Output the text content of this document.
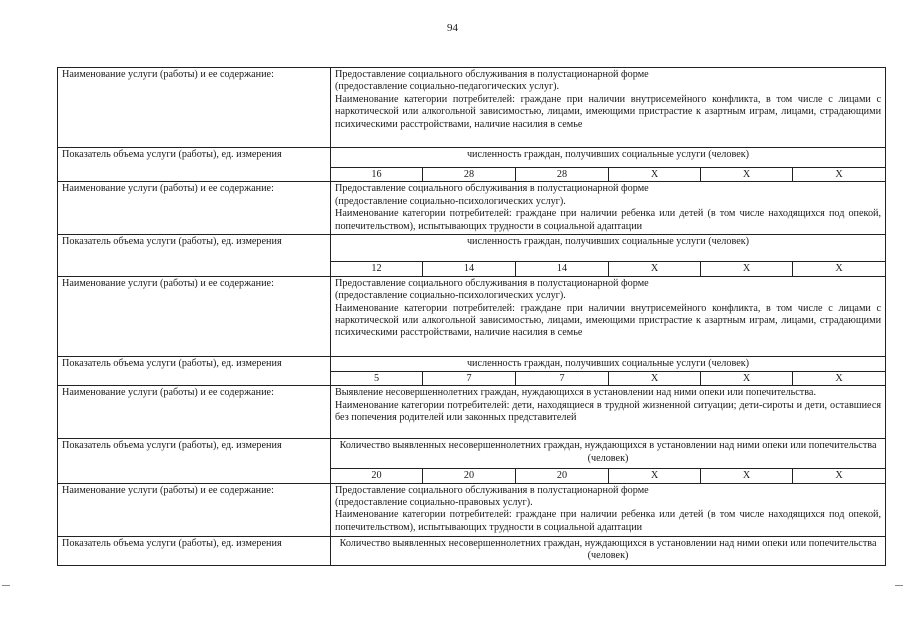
94
Наименование услуги (работы) и ее содержание:	Предоставление социального обслуживания в полустационарной форме
(предоставление социально-педагогических услуг).
Наименование категории потребителей: граждане при наличии внутрисемейного конфликта, в том числе с лицами с наркотической или алкогольной зависимостью, лицами, имеющими пристрастие к азартным играм, лицами, страдающими психическими расстройствами, наличие насилия в семье					

Показатель объема услуги (работы), ед. измерения	численность граждан, получивших социальные услуги (человек)					
	16	28	28	Х	Х	Х
Наименование услуги (работы) и ее содержание:	Предоставление социального обслуживания в полустационарной форме
(предоставление социально-психологических услуг).
Наименование категории потребителей: граждане при наличии ребенка или детей (в том числе находящихся под опекой, попечительством), испытывающих трудности в социальной адаптации					

Показатель объема услуги (работы), ед. измерения	численность граждан, получивших социальные услуги (человек)					
	12	14	14	Х	Х	Х
Наименование услуги (работы) и ее содержание:	Предоставление социального обслуживания в полустационарной форме
(предоставление социально-психологических услуг).
Наименование категории потребителей: граждане при наличии внутрисемейного конфликта, в том числе с лицами с наркотической или алкогольной зависимостью, лицами, имеющими пристрастие к азартным играм, лицами, страдающими психическими расстройствами, наличие насилия в семье					

Показатель объема услуги (работы), ед. измерения	численность граждан, получивших социальные услуги (человек)					
	5	7	7	Х	Х	Х
Наименование услуги (работы) и ее содержание:	Выявление несовершеннолетних граждан, нуждающихся в установлении над ними опеки или попечительства.
Наименование категории потребителей: дети, находящиеся в трудной жизненной ситуации; дети-сироты и дети, оставшиеся без попечения родителей или законных представителей					

Показатель объема услуги (работы), ед. измерения	Количество выявленных несовершеннолетних граждан, нуждающихся в установлении над ними опеки или попечительства (человек)					
	20	20	20	Х	Х	Х
Наименование услуги (работы) и ее содержание:	Предоставление социального обслуживания в полустационарной форме
(предоставление социально-правовых услуг).
Наименование категории потребителей: граждане при наличии ребенка или детей (в том числе находящихся под опекой, попечительством), испытывающих трудности в социальной адаптации					

Показатель объема услуги (работы), ед. измерения	Количество выявленных несовершеннолетних граждан, нуждающихся в установлении над ними опеки или попечительства (человек)					
